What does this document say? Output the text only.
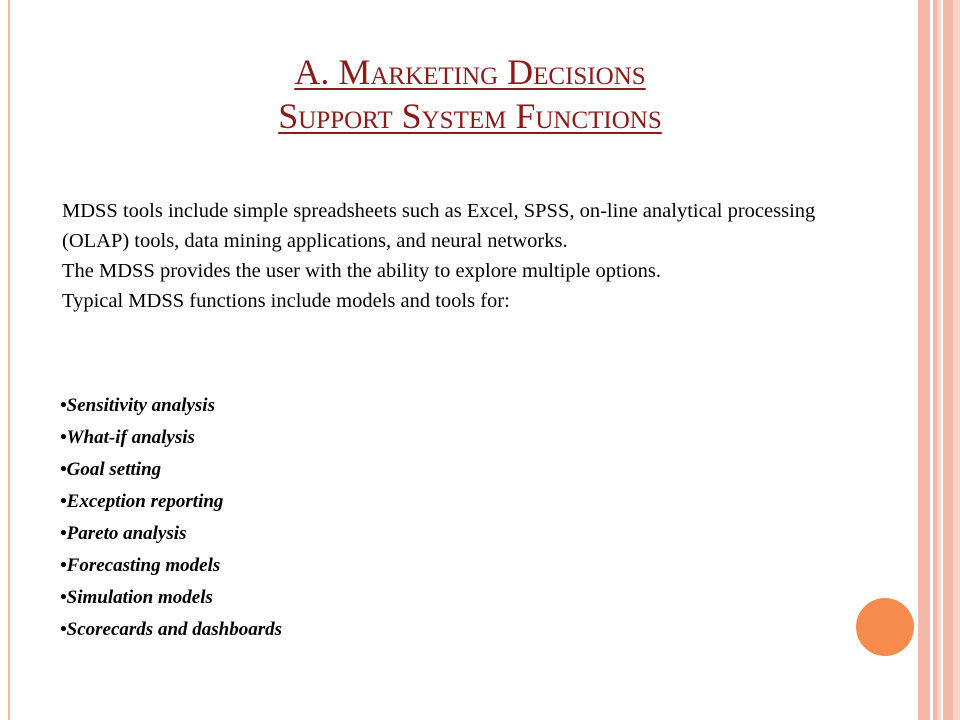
A. Marketing Decisions
Support System Functions

MDSS tools include simple spreadsheets such as Excel, SPSS, on-line analytical processing (OLAP) tools, data mining applications, and neural networks.

The MDSS provides the user with the ability to explore multiple options.

Typical MDSS functions include models and tools for:

•Sensitivity analysis
•What-if analysis
•Goal setting
•Exception reporting
•Pareto analysis
•Forecasting models
•Simulation models
•Scorecards and dashboards
